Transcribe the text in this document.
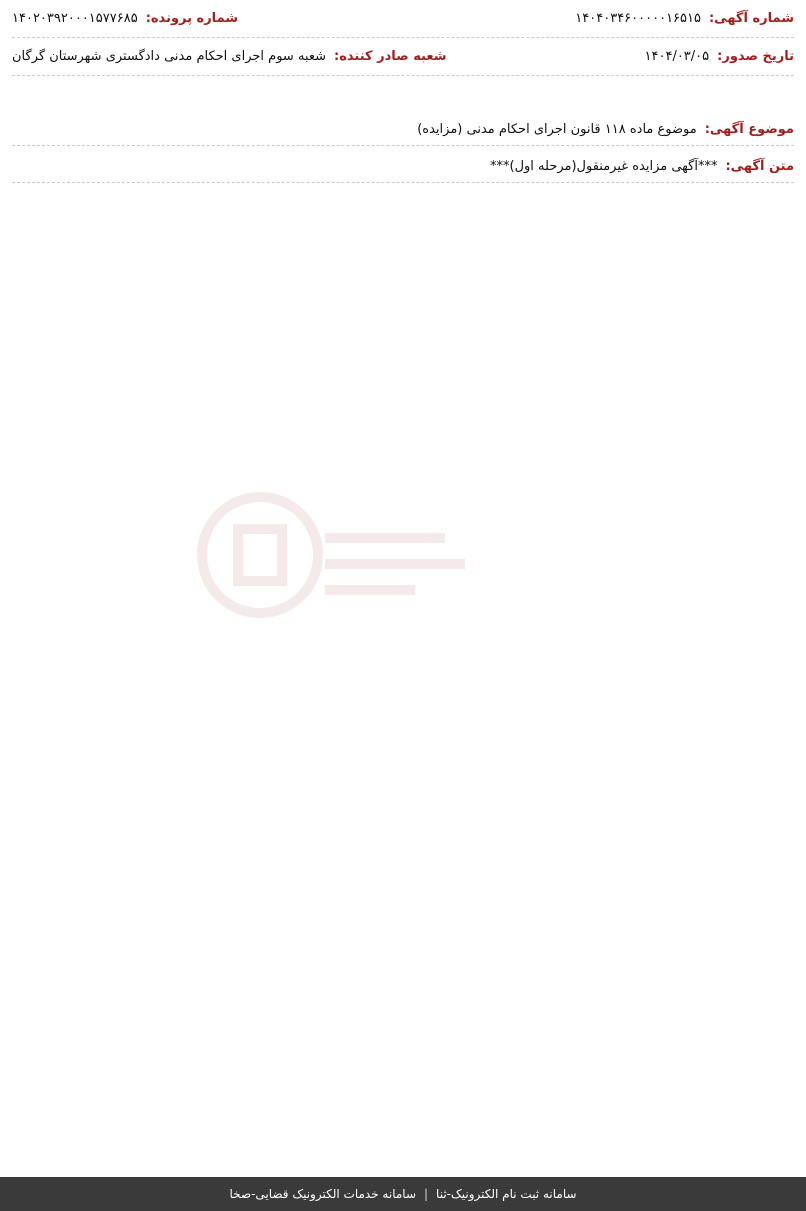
شماره آگهی:
۱۴۰۴۰۳۴۶۰۰۰۰۰۱۶۵۱۵
شماره پرونده:
۱۴۰۲۰۳۹۲۰۰۰۱۵۷۷۶۸۵
تاریخ صدور:
۱۴۰۴/۰۳/۰۵
شعبه صادر کننده:
شعبه سوم اجرای احکام مدنی دادگستری شهرستان گرگان
موضوع آگهی:
موضوع ماده ۱۱۸ قانون اجرای احکام مدنی (مزایده)
متن آگهی:
***آگهی مزایده غیرمنقول(مرحله اول)***

سامانه ثبت نام الکترونیک-ثنا
|
سامانه خدمات الکترونیک قضایی-صخا
